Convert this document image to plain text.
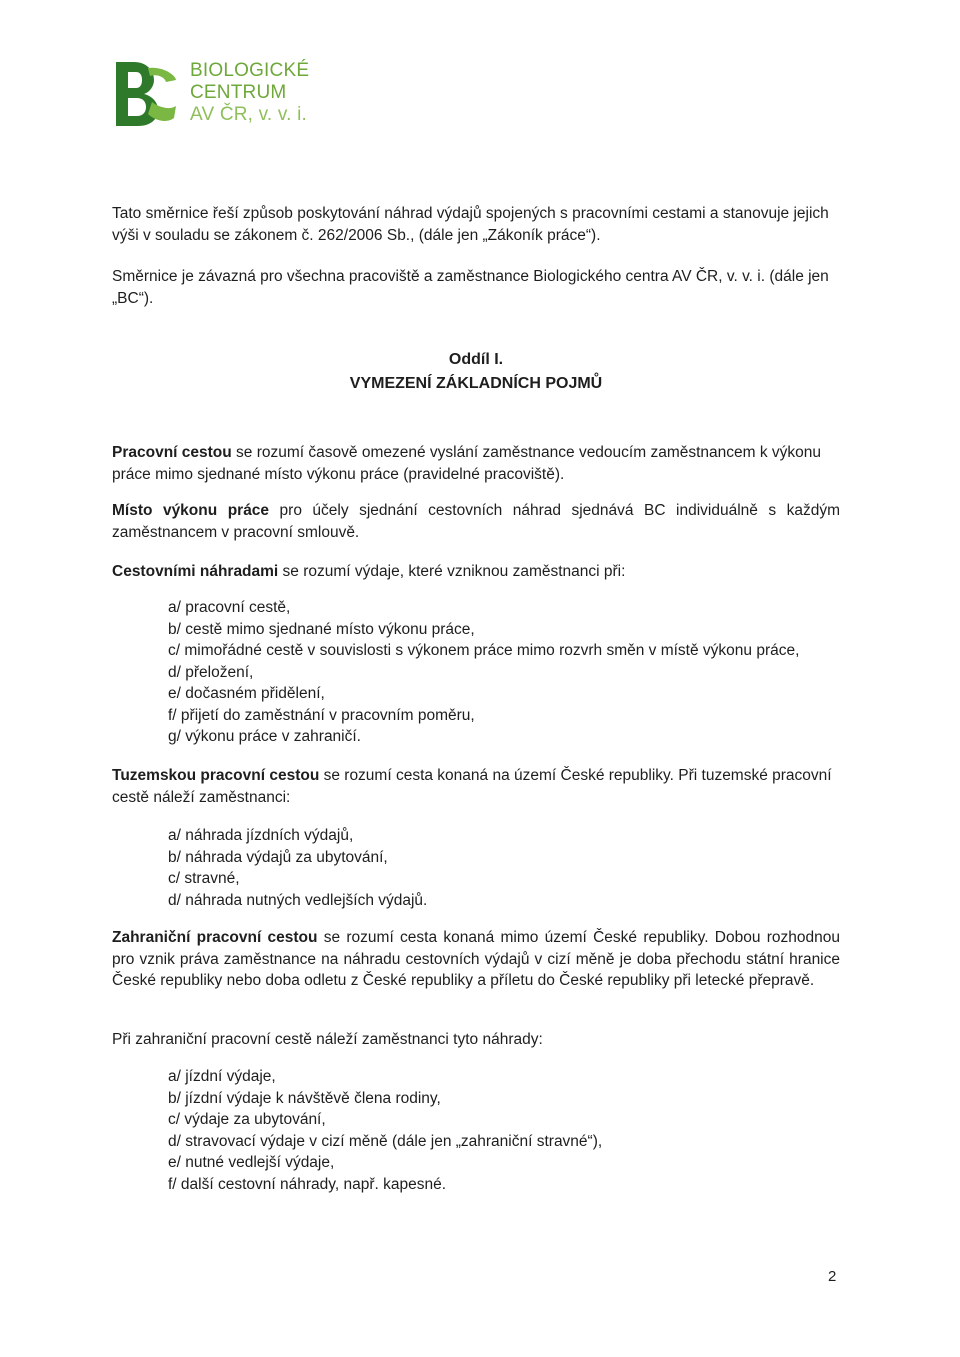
BIOLOGICKÉ
CENTRUM
AV ČR, v. v. i.
Tato směrnice řeší způsob poskytování náhrad výdajů spojených s pracovními cestami a stanovuje jejich výši v souladu se zákonem č. 262/2006 Sb., (dále jen „Zákoník práce“).
Směrnice je závazná pro všechna pracoviště a zaměstnance Biologického centra AV ČR, v. v. i. (dále jen „BC“).
Oddíl I.
VYMEZENÍ ZÁKLADNÍCH POJMŮ
Pracovní cestou se rozumí časově omezené vyslání zaměstnance vedoucím zaměstnancem k výkonu práce mimo sjednané místo výkonu práce (pravidelné pracoviště).
Místo výkonu práce pro účely sjednání cestovních náhrad sjednává BC individuálně s každým zaměstnancem v pracovní smlouvě.
Cestovními náhradami se rozumí výdaje, které vzniknou zaměstnanci při:
a/ pracovní cestě,
b/ cestě mimo sjednané místo výkonu práce,
c/ mimořádné cestě v souvislosti s výkonem práce mimo rozvrh směn v místě výkonu práce,
d/ přeložení,
e/ dočasném přidělení,
f/ přijetí do zaměstnání v pracovním poměru,
g/ výkonu práce v zahraničí.
Tuzemskou pracovní cestou se rozumí cesta konaná na území České republiky. Při tuzemské pracovní cestě náleží zaměstnanci:
a/ náhrada jízdních výdajů,
b/ náhrada výdajů za ubytování,
c/ stravné,
d/ náhrada nutných vedlejších výdajů.
Zahraniční pracovní cestou se rozumí cesta konaná mimo území České republiky. Dobou rozhodnou pro vznik práva zaměstnance na náhradu cestovních výdajů v cizí měně je doba přechodu státní hranice České republiky nebo doba odletu z České republiky a příletu do České republiky při letecké přepravě.
Při zahraniční pracovní cestě náleží zaměstnanci tyto náhrady:
a/ jízdní výdaje,
b/ jízdní výdaje k návštěvě člena rodiny,
c/ výdaje za ubytování,
d/ stravovací výdaje v cizí měně (dále jen „zahraniční stravné“),
e/ nutné vedlejší výdaje,
f/ další cestovní náhrady, např. kapesné.
2
